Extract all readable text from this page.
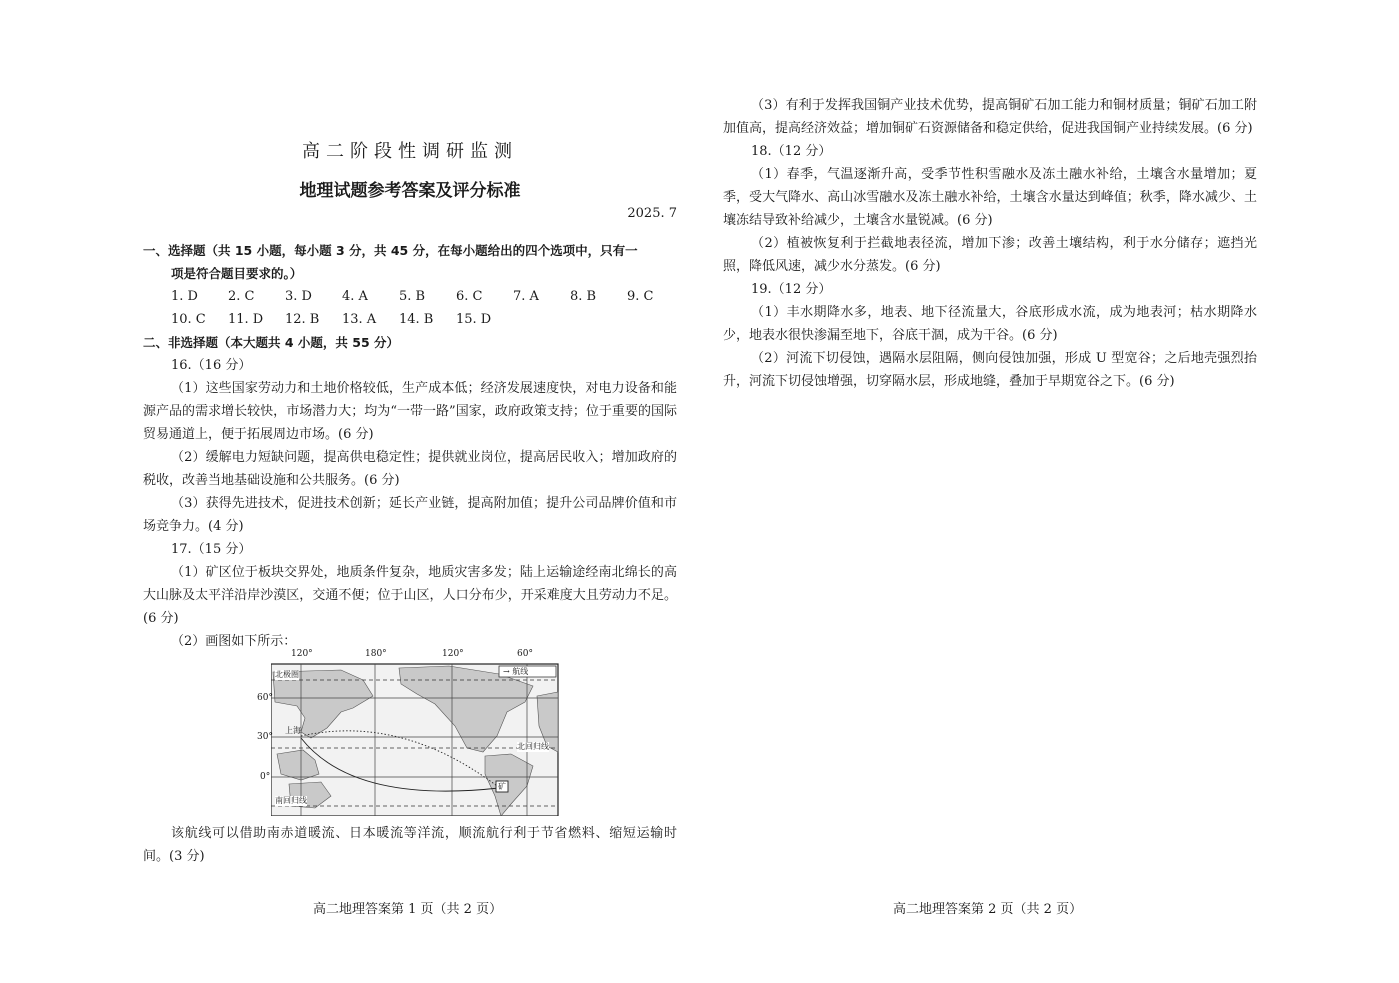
高二阶段性调研监测
地理试题参考答案及评分标准
2025. 7
一、选择题（共 15 小题，每小题 3 分，共 45 分，在每小题给出的四个选项中，只有一
项是符合题目要求的。）
1. D 2. C 3. D 4. A 5. B 6. C 7. A 8. B 9. C
10. C 11. D 12. B 13. A 14. B 15. D
二、非选择题（本大题共 4 小题，共 55 分）
16.（16 分）
（1）这些国家劳动力和土地价格较低，生产成本低；经济发展速度快，对电力设备和能源产品的需求增长较快，市场潜力大；均为“一带一路”国家，政府政策支持；位于重要的国际贸易通道上，便于拓展周边市场。(6 分)
（2）缓解电力短缺问题，提高供电稳定性；提供就业岗位，提高居民收入；增加政府的税收，改善当地基础设施和公共服务。(6 分)
（3）获得先进技术，促进技术创新；延长产业链，提高附加值；提升公司品牌价值和市场竞争力。(4 分)
17.（15 分）
（1）矿区位于板块交界处，地质条件复杂，地质灾害多发；陆上运输途经南北绵长的高大山脉及太平洋沿岸沙漠区，交通不便；位于山区，人口分布少，开采难度大且劳动力不足。(6 分)
（2）画图如下所示：
120°	180°	120°	60°
60°
30°
0°
北极圈
北回归线
南回归线
上海
矿
→ 航线
该航线可以借助南赤道暖流、日本暖流等洋流，顺流航行利于节省燃料、缩短运输时间。(3 分)
（3）有利于发挥我国铜产业技术优势，提高铜矿石加工能力和铜材质量；铜矿石加工附加值高，提高经济效益；增加铜矿石资源储备和稳定供给，促进我国铜产业持续发展。(6 分)
18.（12 分）
（1）春季，气温逐渐升高，受季节性积雪融水及冻土融水补给，土壤含水量增加；夏季，受大气降水、高山冰雪融水及冻土融水补给，土壤含水量达到峰值；秋季，降水减少、土壤冻结导致补给减少，土壤含水量锐减。(6 分)
（2）植被恢复利于拦截地表径流，增加下渗；改善土壤结构，利于水分储存；遮挡光照，降低风速，减少水分蒸发。(6 分)
19.（12 分）
（1）丰水期降水多，地表、地下径流量大，谷底形成水流，成为地表河；枯水期降水少，地表水很快渗漏至地下，谷底干涸，成为干谷。(6 分)
（2）河流下切侵蚀，遇隔水层阻隔，侧向侵蚀加强，形成 U 型宽谷；之后地壳强烈抬升，河流下切侵蚀增强，切穿隔水层，形成地缝，叠加于早期宽谷之下。(6 分)
高二地理答案第 1 页（共 2 页）	高二地理答案第 2 页（共 2 页）
